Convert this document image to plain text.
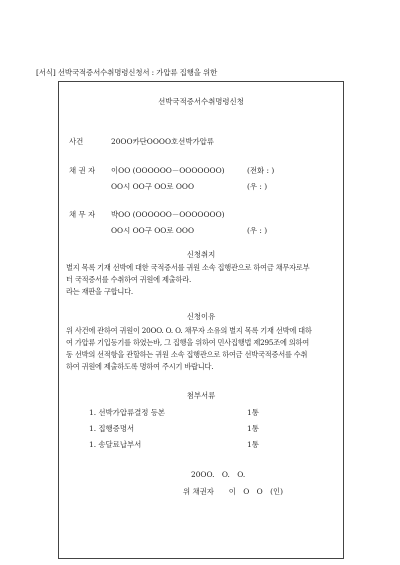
[서식] 선박국적증서수취명령신청서 : 가압류 집행을 위한
선박국적증서수취명령신청
사건	20OO카단OOOO호선박가압류
채 권 자 이OO (OOOOOO－OOOOOOO)	(전화 : )
OO시 OO구 OO로 OOO	(우 : )
채 무 자 박OO (OOOOOO－OOOOOOO)
OO시 OO구 OO로 OOO	(우 : )
신청취지
별지 목록 기재 선박에 대한 국적증서를 귀원 소속 집행관으로 하여금 채무자로부
터 국적증서를 수취하여 귀원에 제출하라.
라는 재판을 구합니다.
신청이유
위 사건에 관하여 귀원이 20OO. O. O. 채무자 소유의 별지 목록 기재 선박에 대하
여 가압류 기입등기를 하였는바, 그 집행을 위하여 민사집행법 제295조에 의하여
동 선박의 선적항을 관할하는 귀원 소속 집행관으로 하여금 선박국적증서를 수취
하여 귀원에 제출하도록 명하여 주시기 바랍니다.
첨부서류
1. 선박가압류결정 등본	1통
1. 집행증명서	1통
1. 송달료납부서	1통
20OO.　O.　O.
위 채권자　　이　O　O　(인)
